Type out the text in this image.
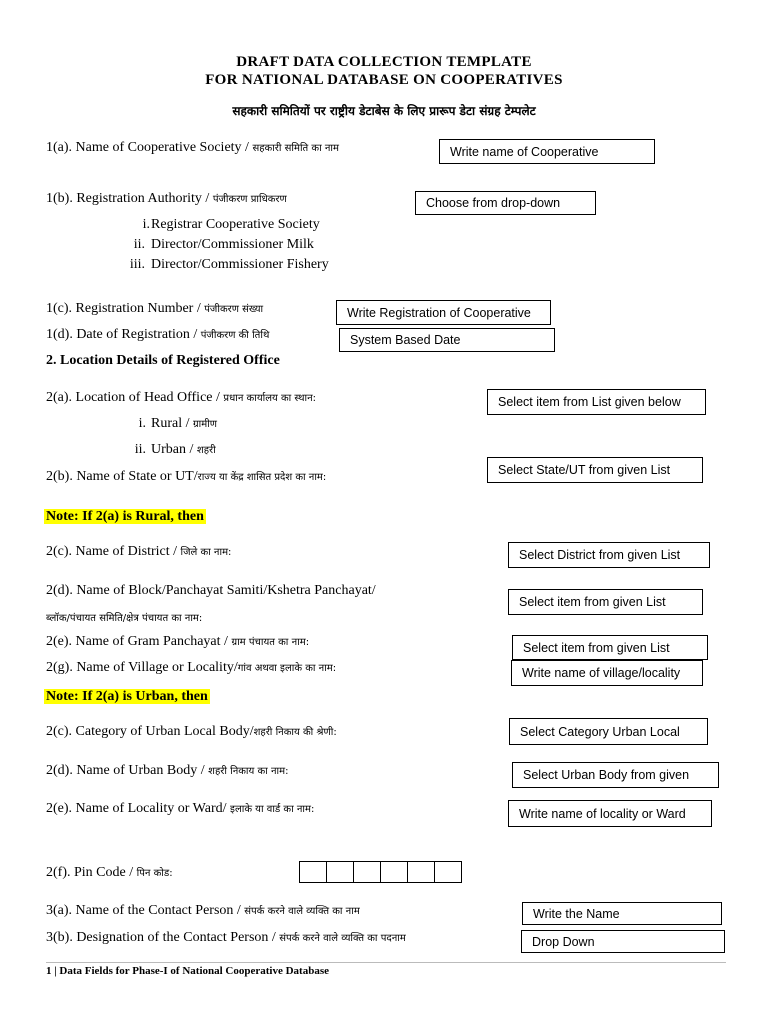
DRAFT DATA COLLECTION TEMPLATE
FOR NATIONAL DATABASE ON COOPERATIVES
सहकारी समितियों पर राष्ट्रीय डेटाबेस के लिए प्रारूप डेटा संग्रह टेम्पलेट
1(a). Name of Cooperative Society / सहकारी समिति का नाम	Write name of Cooperative
1(b). Registration Authority / पंजीकरण प्राधिकरण	Choose from drop-down
i. Registrar Cooperative Society
ii. Director/Commissioner Milk
iii. Director/Commissioner Fishery
1(c). Registration Number / पंजीकरण संख्या	Write Registration of Cooperative
1(d). Date of Registration / पंजीकरण की तिथि	System Based Date
2. Location Details of Registered Office
2(a). Location of Head Office / प्रधान कार्यालय का स्थान:	Select item from List given below
i. Rural / ग्रामीण
ii. Urban / शहरी
2(b). Name of State or UT/राज्य या केंद्र शासित प्रदेश का नाम:
Select State/UT from given List
Note: If 2(a) is Rural, then
2(c). Name of District / जिले का नाम:	Select District from given List
2(d). Name of Block/Panchayat Samiti/Kshetra Panchayat/
ब्लॉक/पंचायत समिति/क्षेत्र पंचायत का नाम:
Select item from given List
2(e). Name of Gram Panchayat / ग्राम पंचायत का नाम:	Select item from given List
2(g). Name of Village or Locality/गांव अथवा इलाके का नाम:	Write name of village/locality
Note: If 2(a) is Urban, then
2(c). Category of Urban Local Body/शहरी निकाय की श्रेणी:	Select Category Urban Local
2(d). Name of Urban Body / शहरी निकाय का नाम:	Select Urban Body from given
2(e). Name of Locality or Ward/ इलाके या वार्ड का नाम:	Write name of locality or Ward
2(f). Pin Code / पिन कोड:
3(a). Name of the Contact Person / संपर्क करने वाले व्यक्ति का नाम	Write the Name
3(b). Designation of the Contact Person / संपर्क करने वाले व्यक्ति का पदनाम	Drop Down
1 | Data Fields for Phase-I of National Cooperative Database
